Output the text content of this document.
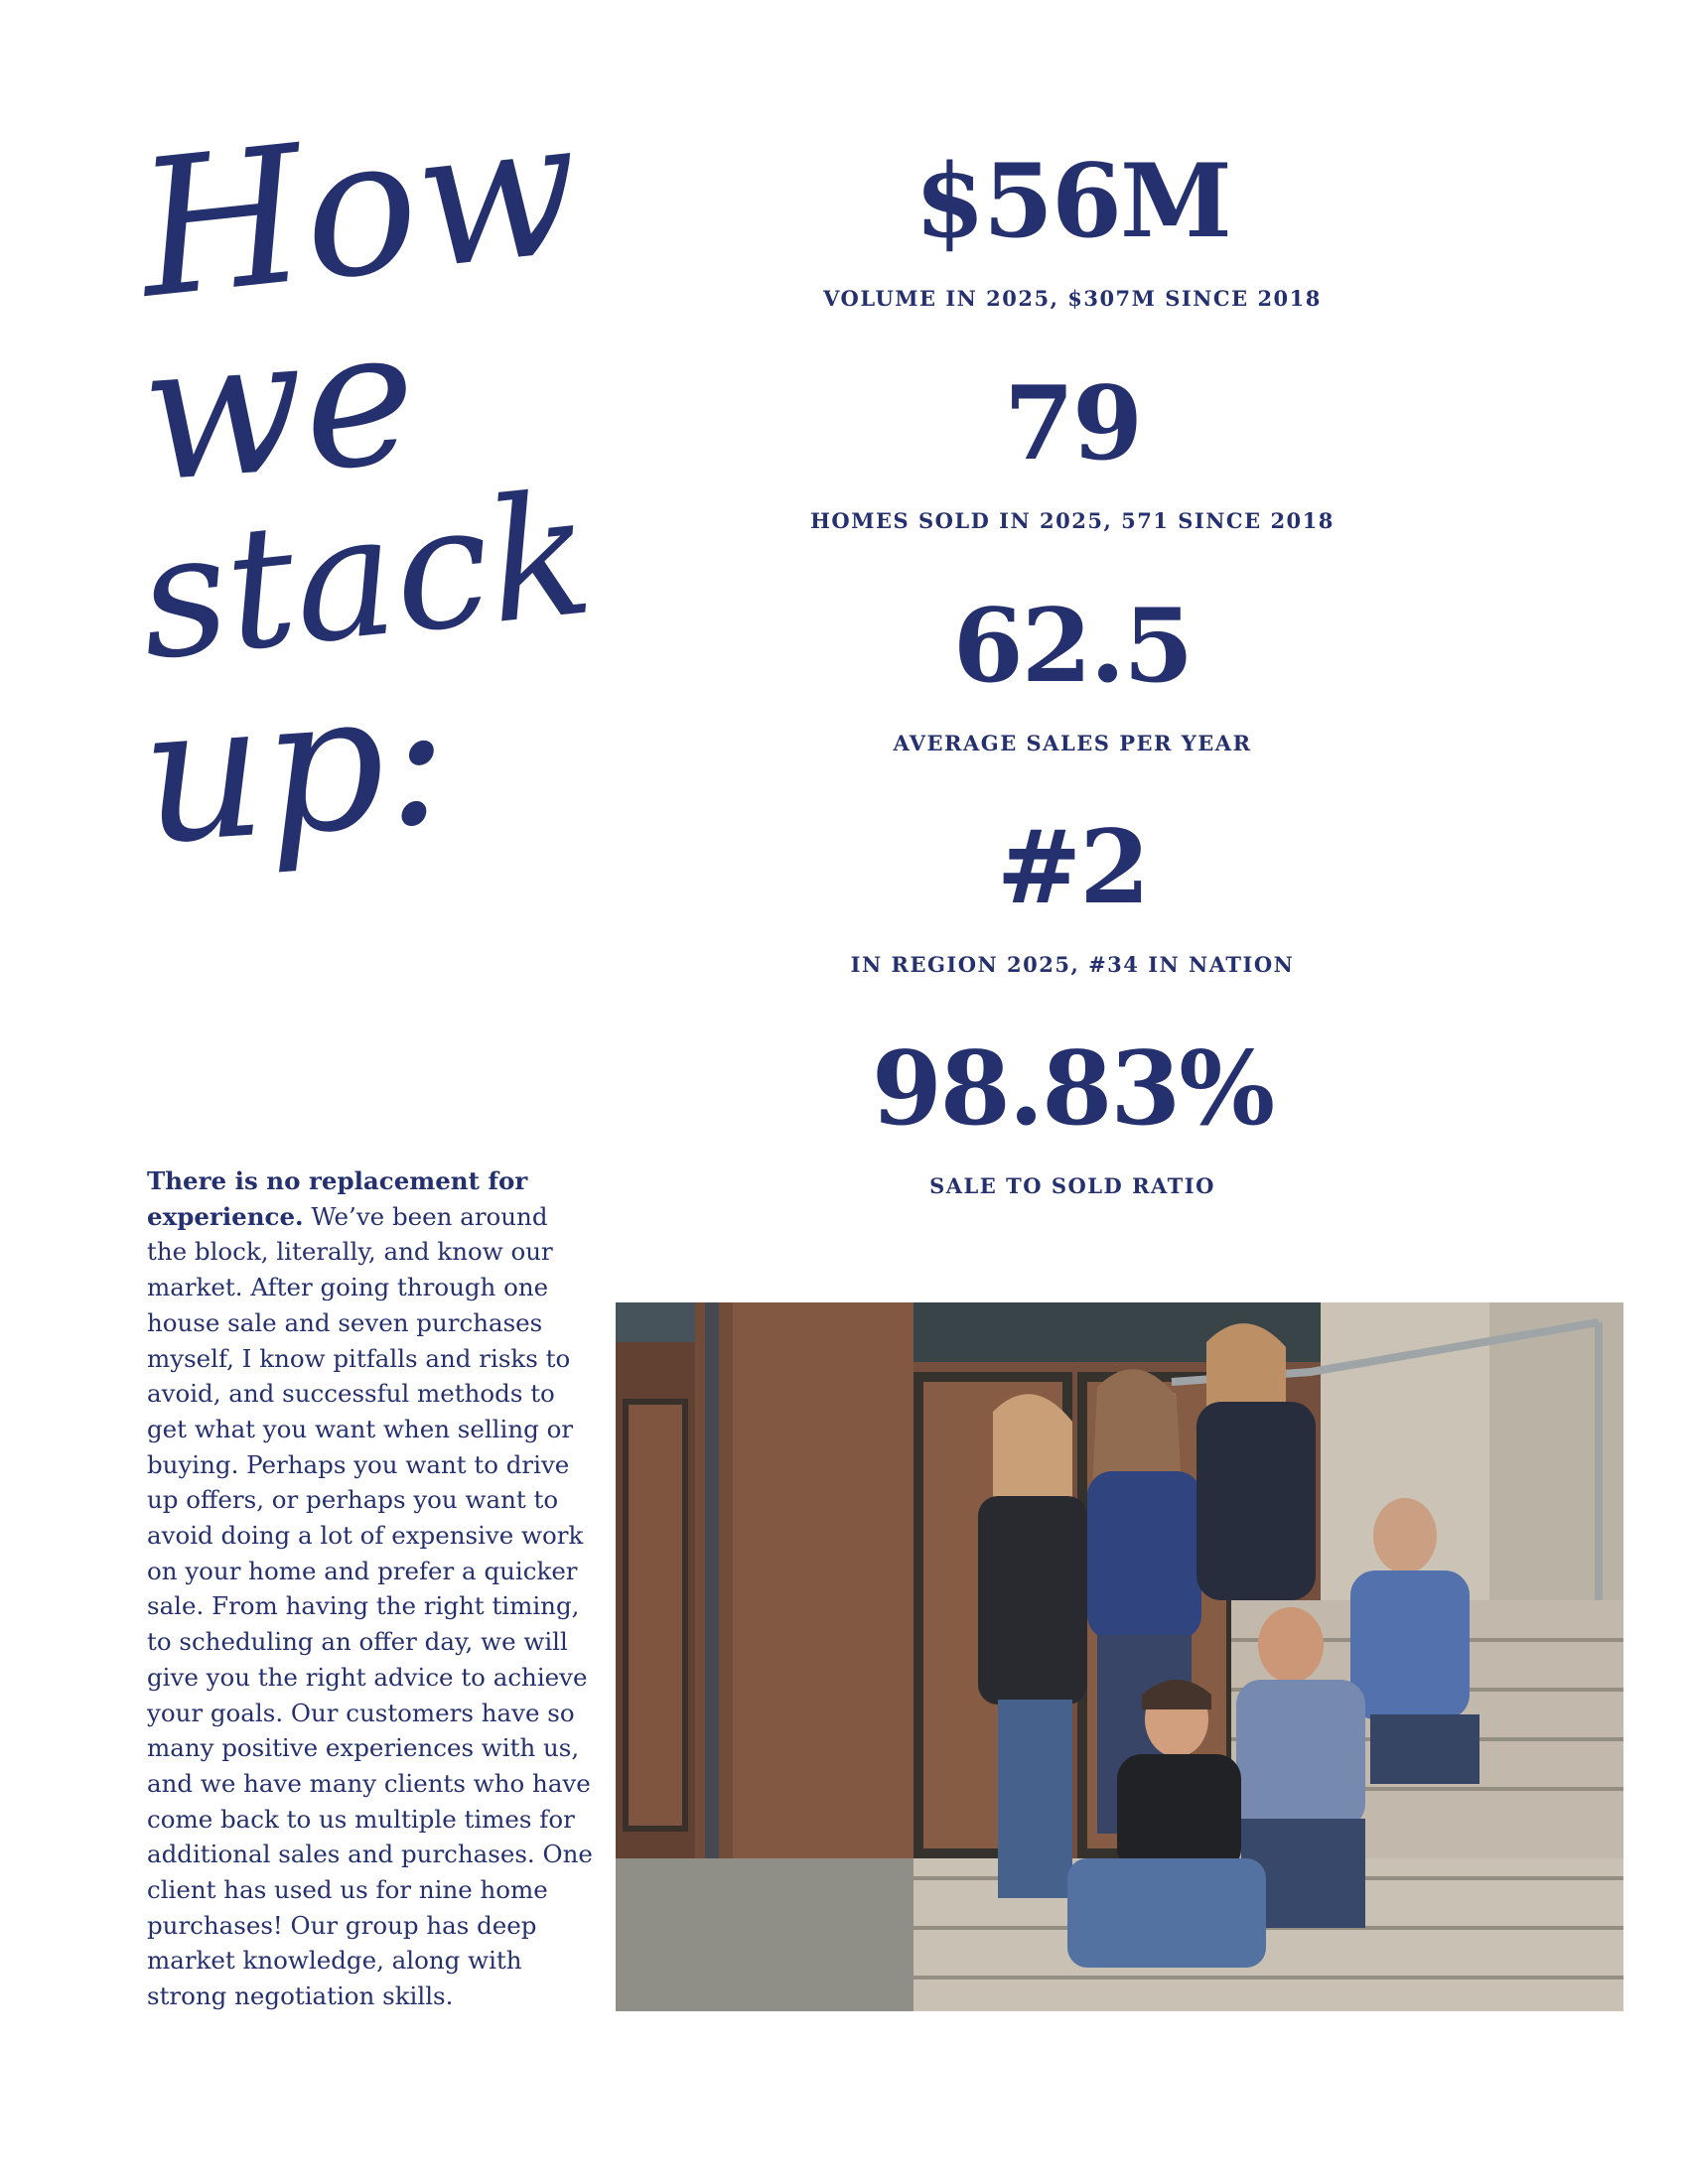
How
we
stack
up:
$56M
VOLUME IN 2025, $307M SINCE 2018
79
HOMES SOLD IN 2025, 571 SINCE 2018
62.5
AVERAGE SALES PER YEAR
#2
IN REGION 2025, #34 IN NATION
98.83%
SALE TO SOLD RATIO

There is no replacement for experience. We’ve been around the block, literally, and know our market. After going through one house sale and seven purchases myself, I know pitfalls and risks to avoid, and successful methods to get what you want when selling or buying. Perhaps you want to drive up offers, or perhaps you want to avoid doing a lot of expensive work on your home and prefer a quicker sale. From having the right timing, to scheduling an offer day, we will give you the right advice to achieve your goals. Our customers have so many positive experiences with us, and we have many clients who have come back to us multiple times for additional sales and purchases. One client has used us for nine home purchases! Our group has deep market knowledge, along with strong negotiation skills.
